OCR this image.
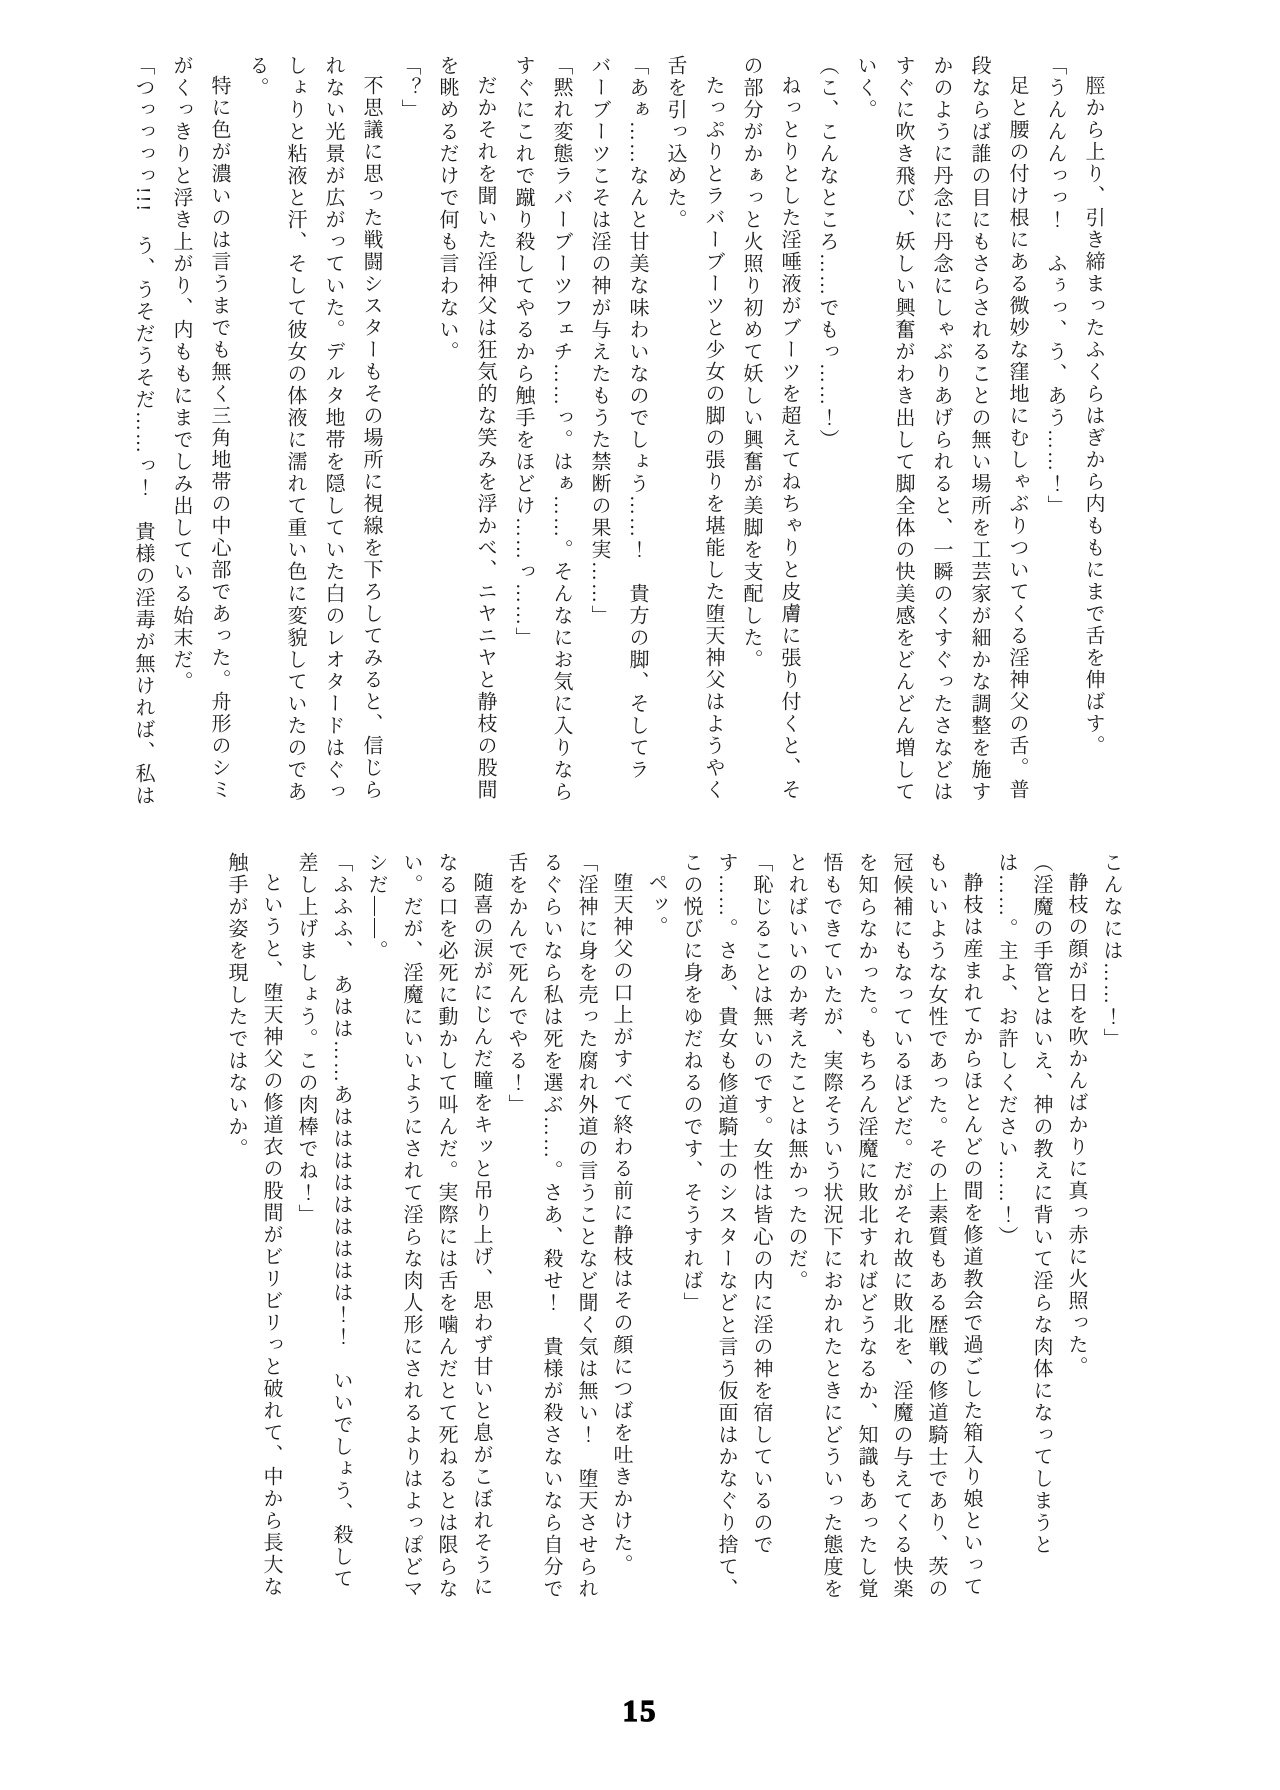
脛から上り、引き締まったふくらはぎから内ももにまで舌を伸ばす。

「うんんんっっ！　ふぅっ、う、あう……！」

足と腰の付け根にある微妙な窪地にむしゃぶりついてくる淫神父の舌。普段ならば誰の目にもさらされることの無い場所を工芸家が細かな調整を施すかのように丹念に丹念にしゃぶりあげられると、一瞬のくすぐったさなどはすぐに吹き飛び、妖しい興奮がわき出して脚全体の快美感をどんどん増していく。

（こ、こんなところ……でもっ……！）

ねっとりとした淫唾液がブーツを超えてねちゃりと皮膚に張り付くと、その部分がかぁっと火照り初めて妖しい興奮が美脚を支配した。

たっぷりとラバーブーツと少女の脚の張りを堪能した堕天神父はようやく舌を引っ込めた。

「あぁ……なんと甘美な味わいなのでしょう……！　貴方の脚、そしてラバーブーツこそは淫の神が与えたもうた禁断の果実……」

「黙れ変態ラバーブーツフェチ……っ。はぁ……。そんなにお気に入りならすぐにこれで蹴り殺してやるから触手をほどけ……っ……」

だかそれを聞いた淫神父は狂気的な笑みを浮かべ、ニヤニヤと静枝の股間を眺めるだけで何も言わない。

「？」

不思議に思った戦闘シスターもその場所に視線を下ろしてみると、信じられない光景が広がっていた。デルタ地帯を隠していた白のレオタードはぐっしょりと粘液と汗、そして彼女の体液に濡れて重い色に変貌していたのである。

特に色が濃いのは言うまでも無く三角地帯の中心部であった。舟形のシミがくっきりと浮き上がり、内ももにまでしみ出している始末だ。

「つっっっっ!!!　う、うそだうそだ……っ！　貴様の淫毒が無ければ、私は

こんなには……！」

静枝の顔が日を吹かんばかりに真っ赤に火照った。

（淫魔の手管とはいえ、神の教えに背いて淫らな肉体になってしまうとは……。主よ、お許しください……！）

静枝は産まれてからほとんどの間を修道教会で過ごした箱入り娘といってもいいような女性であった。その上素質もある歴戦の修道騎士であり、茨の冠候補にもなっているほどだ。だがそれ故に敗北を、淫魔の与えてくる快楽を知らなかった。もちろん淫魔に敗北すればどうなるか、知識もあったし覚悟もできていたが、実際そういう状況下におかれたときにどういった態度をとればいいのか考えたことは無かったのだ。

「恥じることは無いのです。女性は皆心の内に淫の神を宿しているのです……。さあ、貴女も修道騎士のシスターなどと言う仮面はかなぐり捨て、この悦びに身をゆだねるのです、そうすれば」

ペッ。

堕天神父の口上がすべて終わる前に静枝はその顔につばを吐きかけた。

「淫神に身を売った腐れ外道の言うことなど聞く気は無い！　堕天させられるぐらいなら私は死を選ぶ……。さあ、殺せ！　貴様が殺さないなら自分で舌をかんで死んでやる！」

随喜の涙がにじんだ瞳をキッと吊り上げ、思わず甘いと息がこぼれそうになる口を必死に動かして叫んだ。実際には舌を噛んだとて死ねるとは限らない。だが、淫魔にいいようにされて淫らな肉人形にされるよりはよっぽどマシだ――。

「ふふふ、　あはは……あははははははははは！！　いいでしょう、殺して差し上げましょう。この肉棒でね！」

というと、堕天神父の修道衣の股間がビリビリっと破れて、中から長大な触手が姿を現したではないか。

15
